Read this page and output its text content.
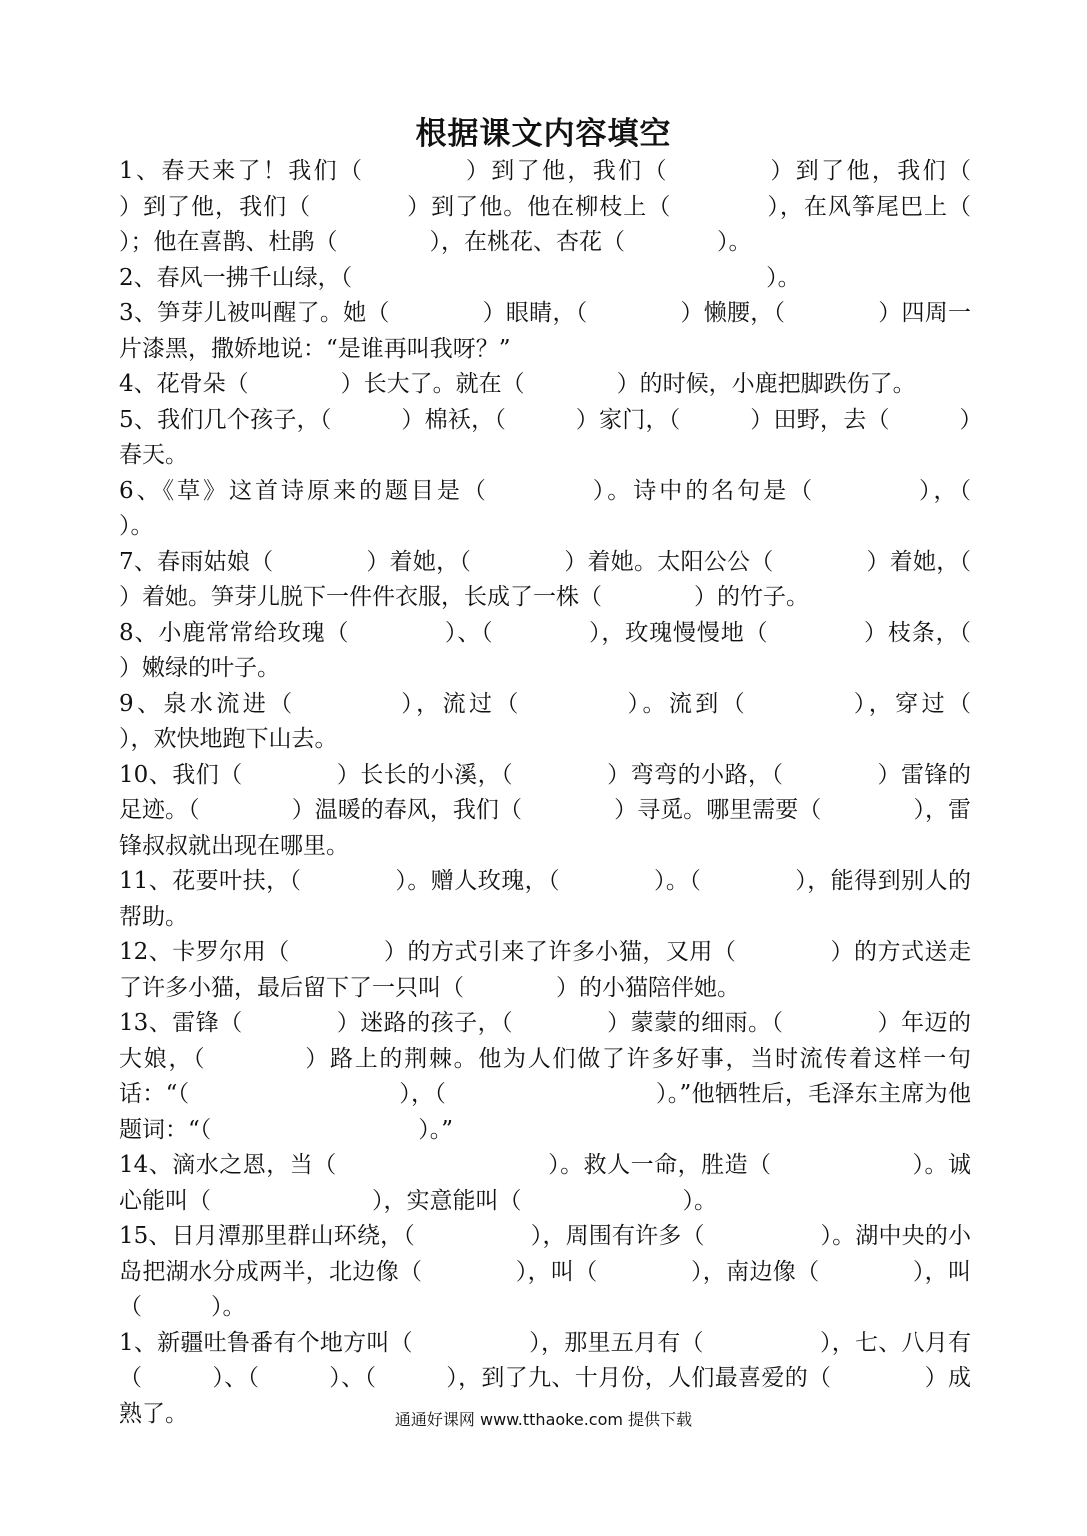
根据课文内容填空

1、春天来了！我们（　　　　）到了他，我们（　　　　）到了他，我们（　　　　）到了他，我们（　　　　）到了他。他在柳枝上（　　　　），在风筝尾巴上（　　　　）；他在喜鹊、杜鹃（　　　　），在桃花、杏花（　　　　）。

2、春风一拂千山绿，（　　　　　　　　　　　　　　　　　　）。

3、笋芽儿被叫醒了。她（　　　　）眼睛，（　　　　）懒腰，（　　　　）四周一片漆黑，撒娇地说：“是谁再叫我呀？”

4、花骨朵（　　　　）长大了。就在（　　　　）的时候，小鹿把脚跌伤了。

5、我们几个孩子，（　　　）棉袄，（　　　）家门，（　　　）田野，去（　　　）春天。

6、《草》这首诗原来的题目是（　　　　）。诗中的名句是（　　　　），（　　　　）。

7、春雨姑娘（　　　　）着她，（　　　　）着她。太阳公公（　　　　）着她，（　　　　）着她。笋芽儿脱下一件件衣服，长成了一株（　　　　）的竹子。

8、小鹿常常给玫瑰（　　　　）、（　　　　），玫瑰慢慢地（　　　　）枝条，（　　　　）嫩绿的叶子。

9、泉水流进（　　　　），流过（　　　　）。流到（　　　　），穿过（　　　　），欢快地跑下山去。

10、我们（　　　　）长长的小溪，（　　　　）弯弯的小路，（　　　　）雷锋的足迹。（　　　　）温暖的春风，我们（　　　　）寻觅。哪里需要（　　　　），雷锋叔叔就出现在哪里。

11、花要叶扶，（　　　　）。赠人玫瑰，（　　　　）。（　　　　），能得到别人的帮助。

12、卡罗尔用（　　　　）的方式引来了许多小猫，又用（　　　　）的方式送走了许多小猫，最后留下了一只叫（　　　　）的小猫陪伴她。

13、雷锋（　　　　）迷路的孩子，（　　　　）蒙蒙的细雨。（　　　　）年迈的大娘，（　　　　）路上的荆棘。他为人们做了许多好事，当时流传着这样一句话：“（　　　　　　　　　），（　　　　　　　　　）。”他牺牲后，毛泽东主席为他题词：“（　　　　　　　　　）。”

14、滴水之恩，当（　　　　　　　　　）。救人一命，胜造（　　　　　　）。诚心能叫（　　　　　　　），实意能叫（　　　　　　　）。

15、日月潭那里群山环绕，（　　　　　），周围有许多（　　　　　）。湖中央的小岛把湖水分成两半，北边像（　　　　），叫（　　　　），南边像（　　　　），叫（　　　）。

1、新疆吐鲁番有个地方叫（　　　　　），那里五月有（　　　　　），七、八月有（　　　）、（　　　）、（　　　），到了九、十月份，人们最喜爱的（　　　　）成熟了。	通通好课网 www.tthaoke.com 提供下载
